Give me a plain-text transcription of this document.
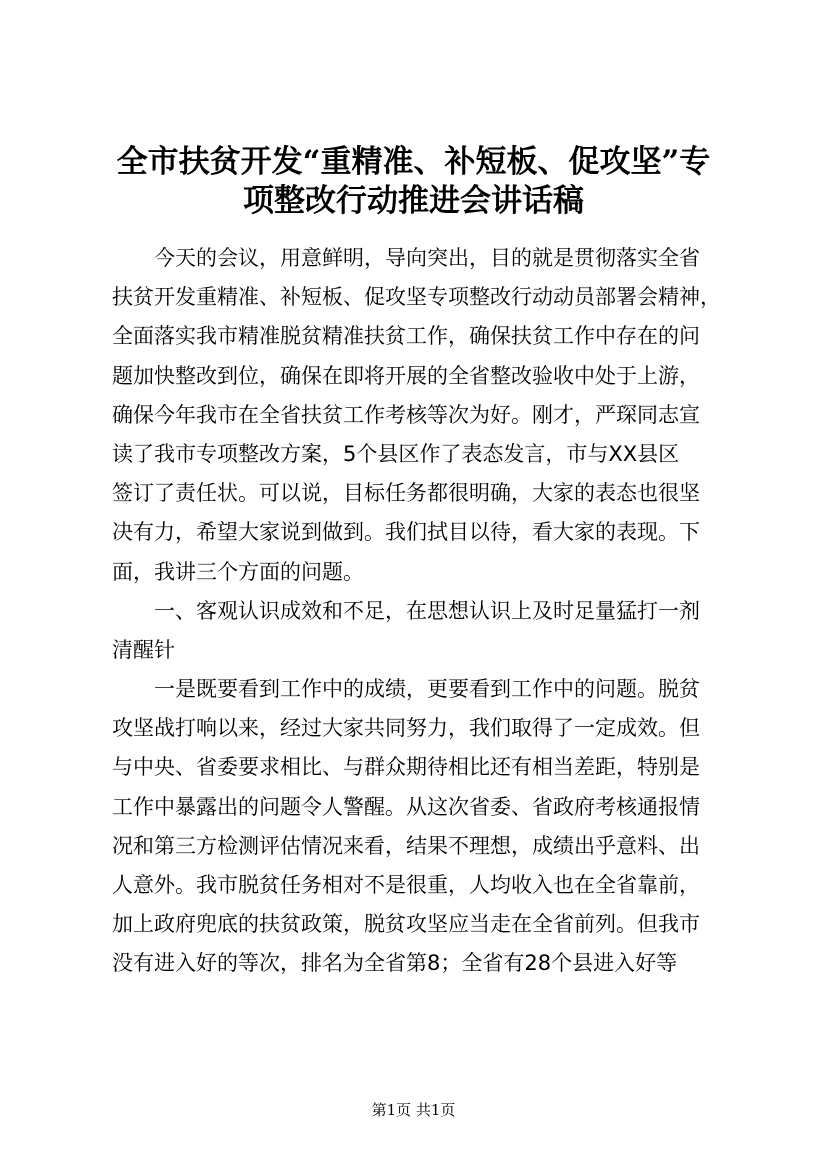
全市扶贫开发“重精准、补短板、促攻坚”专
项整改行动推进会讲话稿
今天的会议，用意鲜明，导向突出，目的就是贯彻落实全省
扶贫开发重精准、补短板、促攻坚专项整改行动动员部署会精神，
全面落实我市精准脱贫精准扶贫工作，确保扶贫工作中存在的问
题加快整改到位，确保在即将开展的全省整改验收中处于上游，
确保今年我市在全省扶贫工作考核等次为好。刚才，严琛同志宣
读了我市专项整改方案，5个县区作了表态发言，市与XX县区
签订了责任状。可以说，目标任务都很明确，大家的表态也很坚
决有力，希望大家说到做到。我们拭目以待，看大家的表现。下
面，我讲三个方面的问题。
一、客观认识成效和不足，在思想认识上及时足量猛打一剂
清醒针
一是既要看到工作中的成绩，更要看到工作中的问题。脱贫
攻坚战打响以来，经过大家共同努力，我们取得了一定成效。但
与中央、省委要求相比、与群众期待相比还有相当差距，特别是
工作中暴露出的问题令人警醒。从这次省委、省政府考核通报情
况和第三方检测评估情况来看，结果不理想，成绩出乎意料、出
人意外。我市脱贫任务相对不是很重，人均收入也在全省靠前，
加上政府兜底的扶贫政策，脱贫攻坚应当走在全省前列。但我市
没有进入好的等次，排名为全省第8；全省有28个县进入好等
第1页 共1页
